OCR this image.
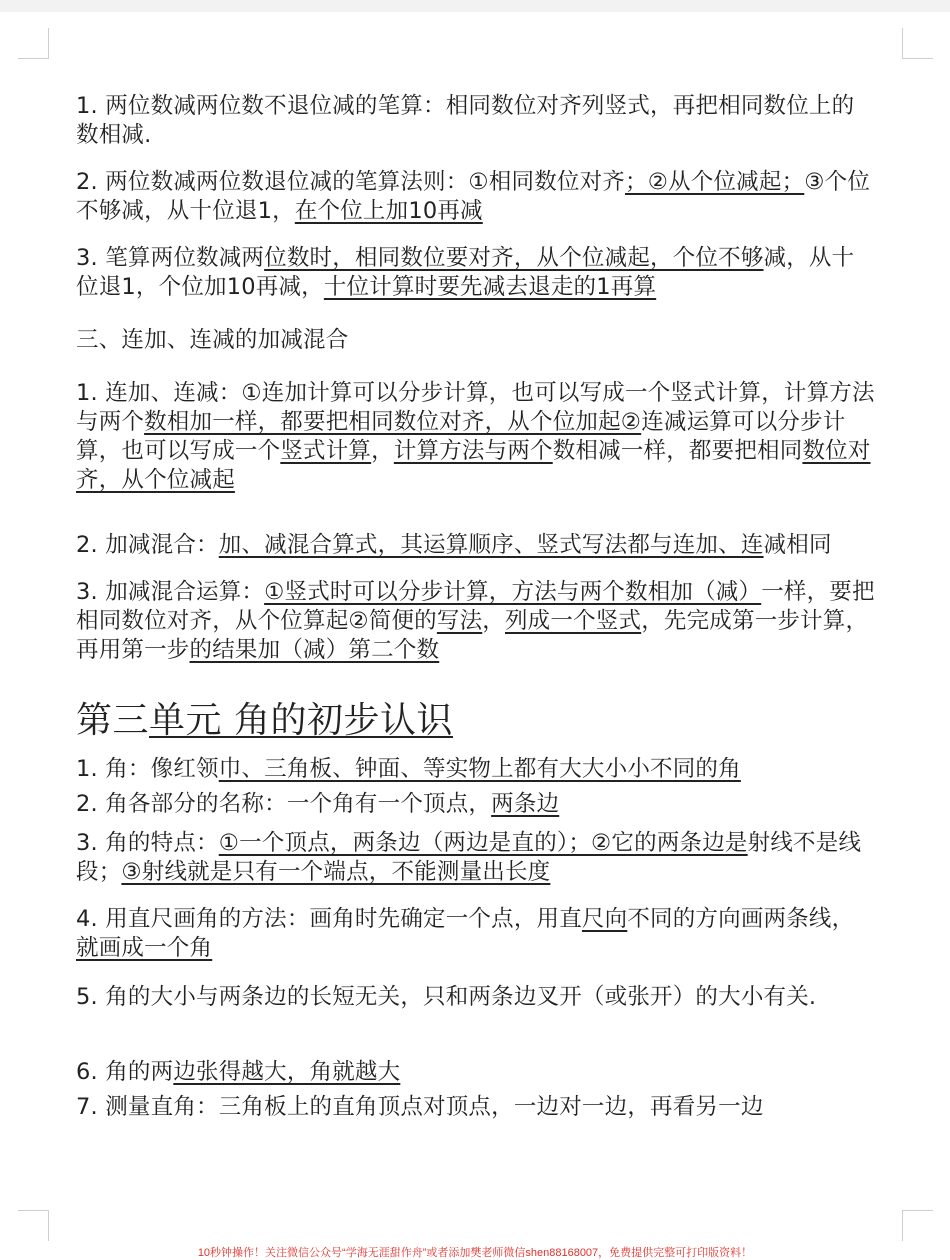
1. 两位数减两位数不退位减的笔算：相同数位对齐列竖式，再把相同数位上的数相减.

2. 两位数减两位数退位减的笔算法则：①相同数位对齐；②从个位减起；③个位不够减，从十位退1，在个位上加10再减

3. 笔算两位数减两位数时，相同数位要对齐，从个位减起，个位不够减，从十位退1，个位加10再减，十位计算时要先减去退走的1再算

三、连加、连减的加减混合

1. 连加、连减：①连加计算可以分步计算，也可以写成一个竖式计算，计算方法与两个数相加一样，都要把相同数位对齐，从个位加起②连减运算可以分步计算，也可以写成一个竖式计算，计算方法与两个数相减一样，都要把相同数位对齐，从个位减起

2. 加减混合：加、减混合算式，其运算顺序、竖式写法都与连加、连减相同

3. 加减混合运算：①竖式时可以分步计算，方法与两个数相加（减）一样，要把相同数位对齐，从个位算起②简便的写法，列成一个竖式，先完成第一步计算，再用第一步的结果加（减）第二个数

第三单元 角的初步认识

1. 角：像红领巾、三角板、钟面、等实物上都有大大小小不同的角

2. 角各部分的名称：一个角有一个顶点，两条边

3. 角的特点：①一个顶点，两条边（两边是直的）；②它的两条边是射线不是线段；③射线就是只有一个端点，不能测量出长度

4. 用直尺画角的方法：画角时先确定一个点，用直尺向不同的方向画两条线，就画成一个角

5. 角的大小与两条边的长短无关，只和两条边叉开（或张开）的大小有关.

6. 角的两边张得越大，角就越大

7. 测量直角：三角板上的直角顶点对顶点，一边对一边，再看另一边

10秒钟操作！关注微信公众号“学海无涯甜作舟”或者添加樊老师微信shen88168007，免费提供完整可打印版资料！
